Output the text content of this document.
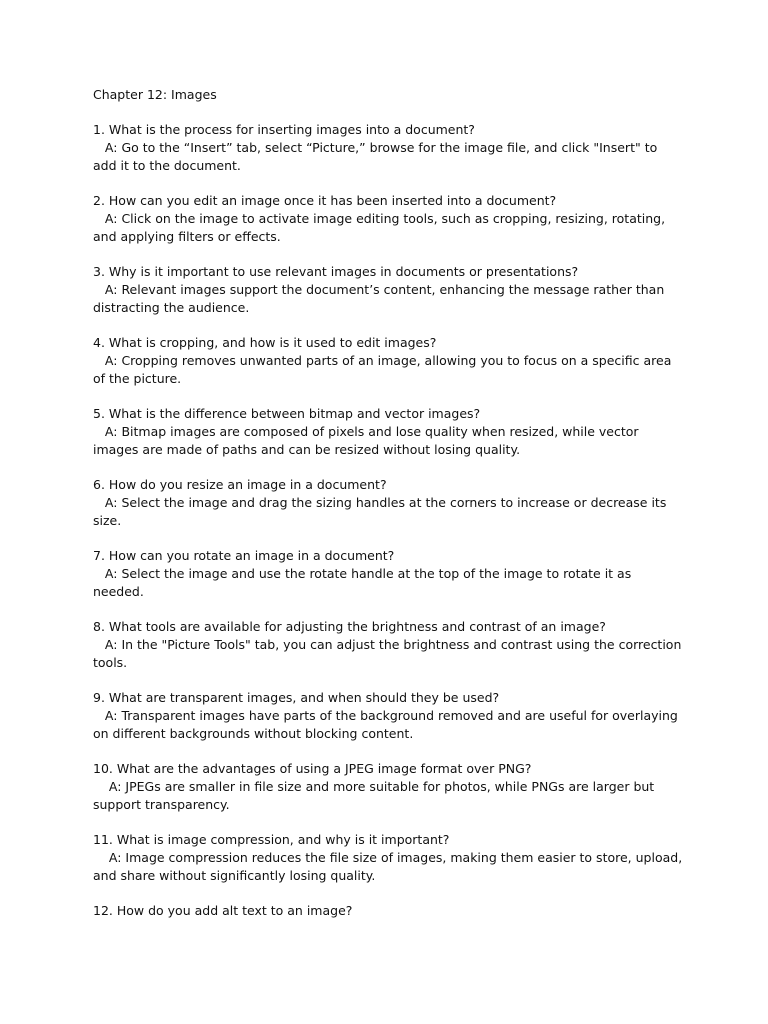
Chapter 12: Images

1. What is the process for inserting images into a document?
A: Go to the “Insert” tab, select “Picture,” browse for the image file, and click "Insert" to add it to the document.
2. How can you edit an image once it has been inserted into a document?
A: Click on the image to activate image editing tools, such as cropping, resizing, rotating, and applying filters or effects.
3. Why is it important to use relevant images in documents or presentations?
A: Relevant images support the document’s content, enhancing the message rather than distracting the audience.
4. What is cropping, and how is it used to edit images?
A: Cropping removes unwanted parts of an image, allowing you to focus on a specific area of the picture.
5. What is the difference between bitmap and vector images?
A: Bitmap images are composed of pixels and lose quality when resized, while vector images are made of paths and can be resized without losing quality.
6. How do you resize an image in a document?
A: Select the image and drag the sizing handles at the corners to increase or decrease its size.
7. How can you rotate an image in a document?
A: Select the image and use the rotate handle at the top of the image to rotate it as needed.
8. What tools are available for adjusting the brightness and contrast of an image?
A: In the "Picture Tools" tab, you can adjust the brightness and contrast using the correction tools.
9. What are transparent images, and when should they be used?
A: Transparent images have parts of the background removed and are useful for overlaying on different backgrounds without blocking content.
10. What are the advantages of using a JPEG image format over PNG?
A: JPEGs are smaller in file size and more suitable for photos, while PNGs are larger but support transparency.
11. What is image compression, and why is it important?
A: Image compression reduces the file size of images, making them easier to store, upload, and share without significantly losing quality.
12. How do you add alt text to an image?
